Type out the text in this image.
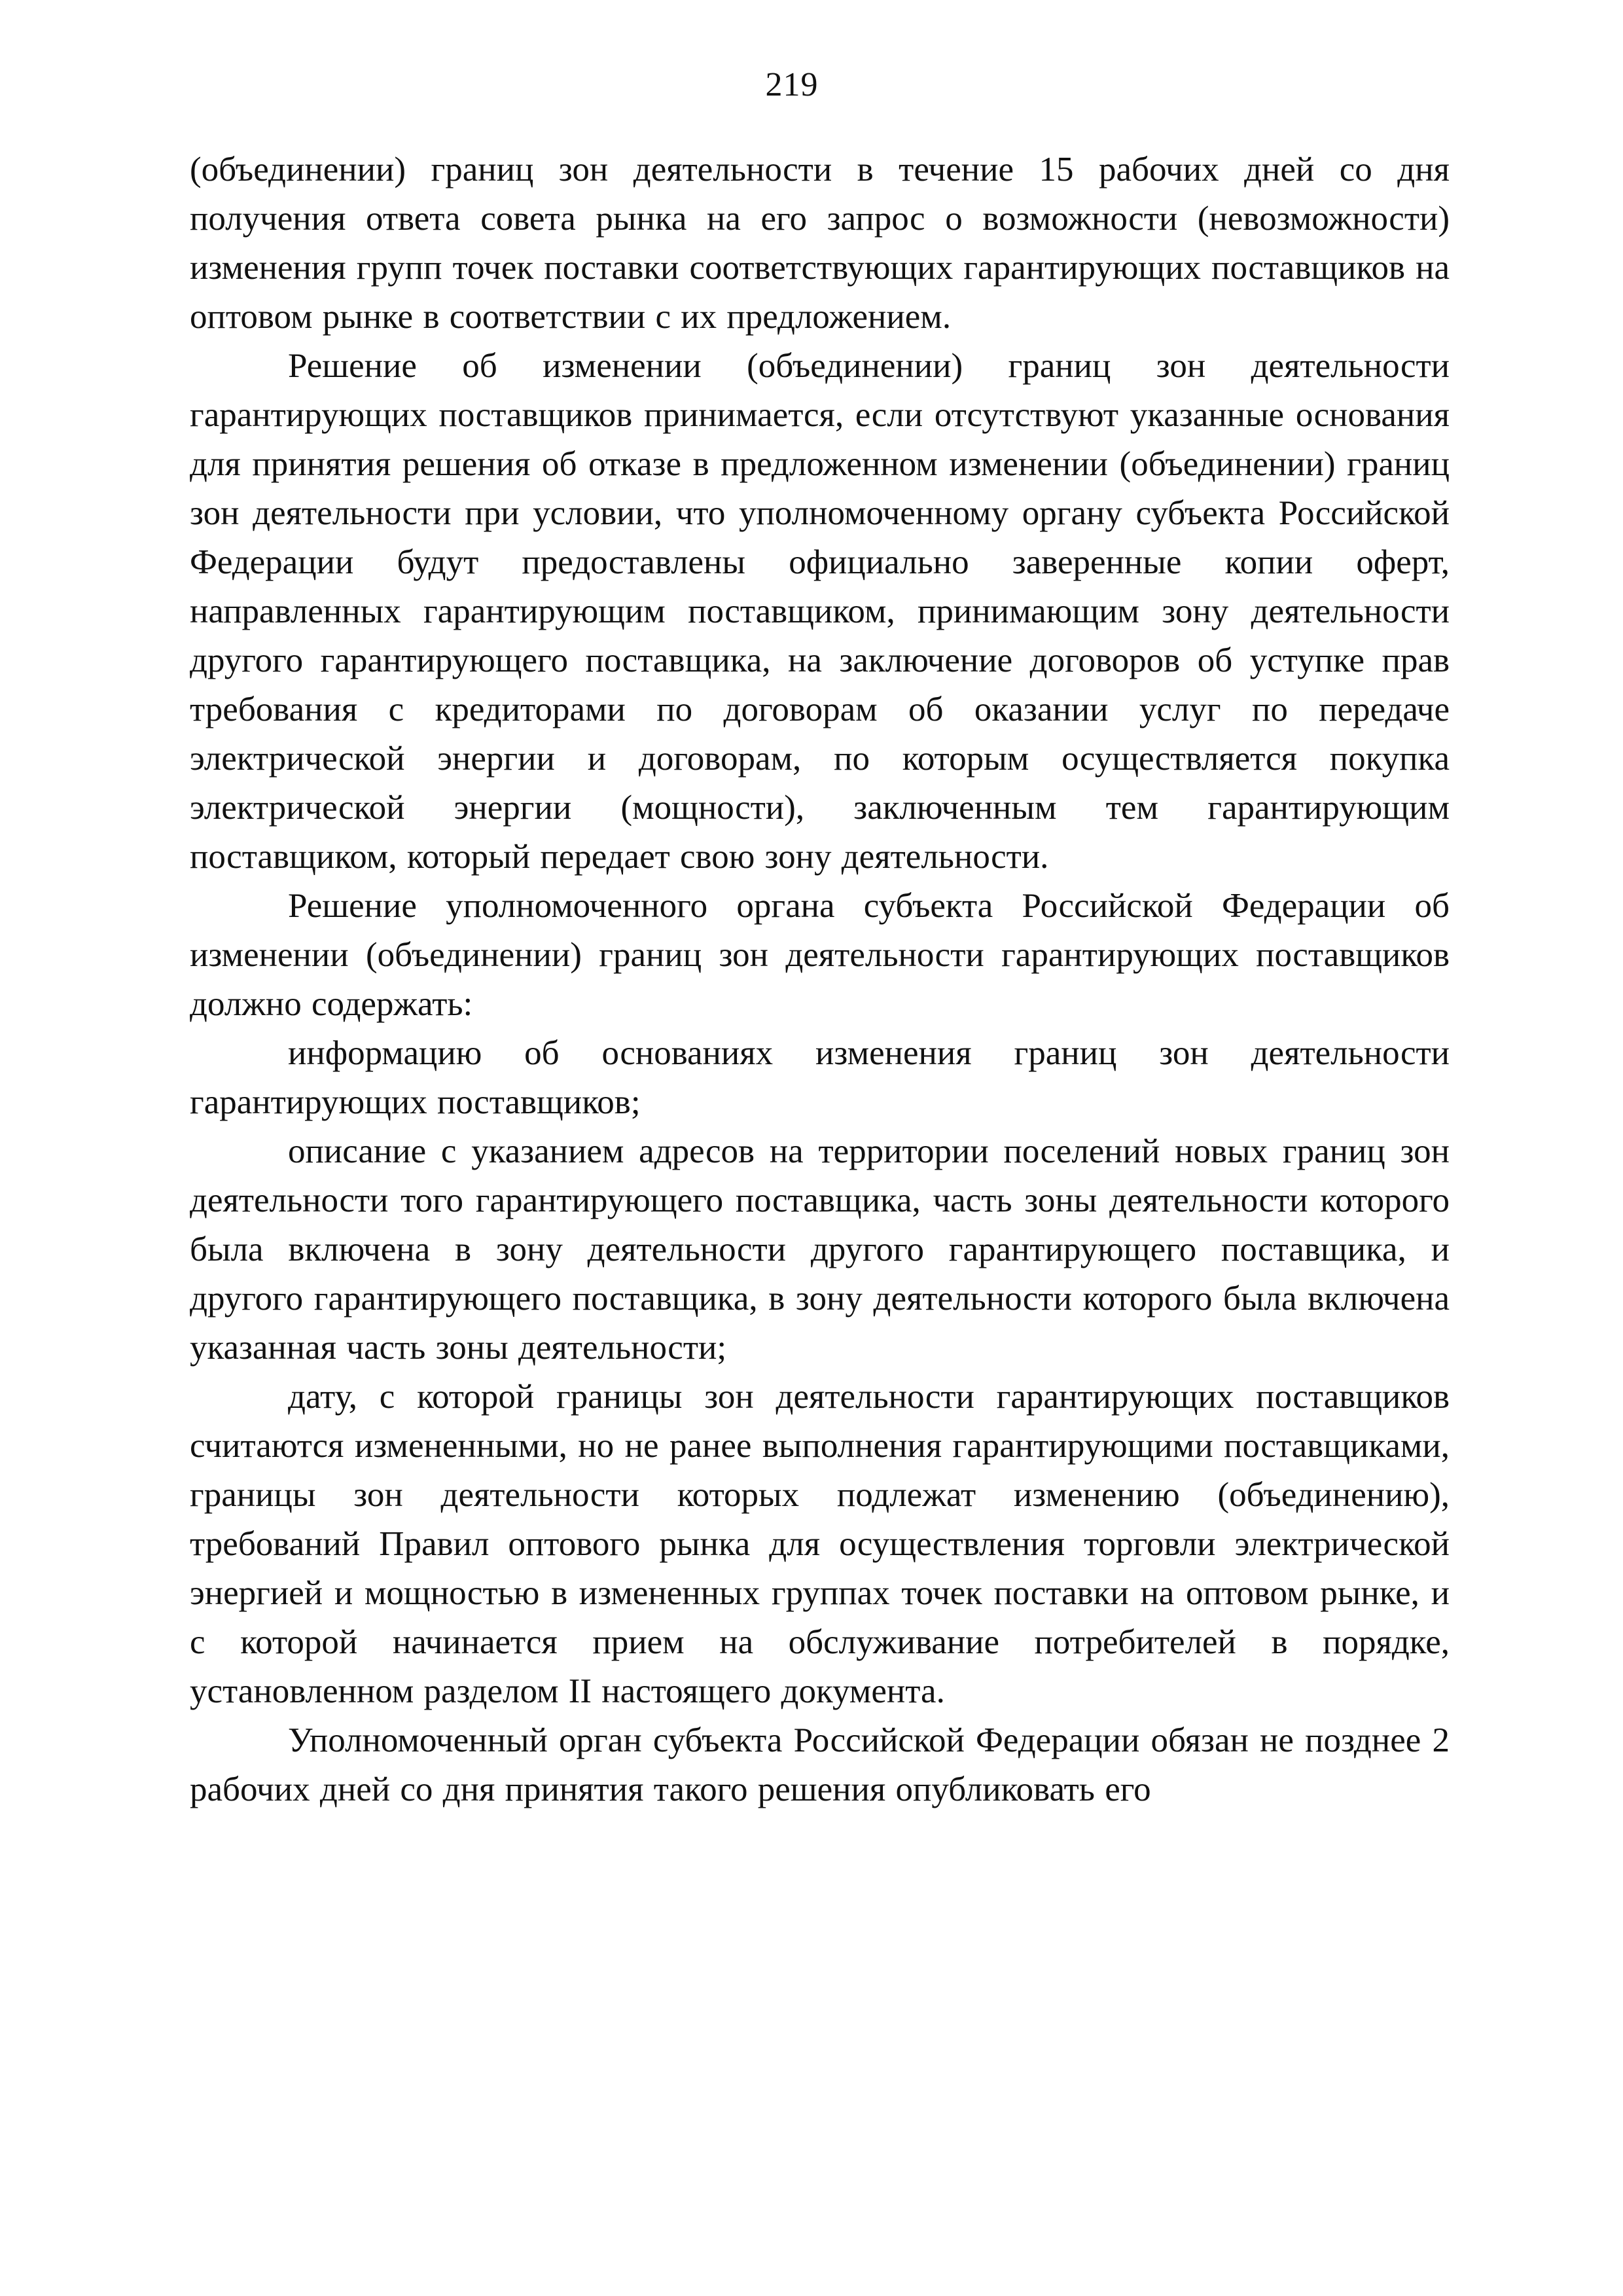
219

(объединении) границ зон деятельности в течение 15 рабочих дней со дня получения ответа совета рынка на его запрос о возможности (невозможности) изменения групп точек поставки соответствующих гарантирующих поставщиков на оптовом рынке в соответствии с их предложением.

Решение об изменении (объединении) границ зон деятельности гарантирующих поставщиков принимается, если отсутствуют указанные основания для принятия решения об отказе в предложенном изменении (объединении) границ зон деятельности при условии, что уполномоченному органу субъекта Российской Федерации будут предоставлены официально заверенные копии оферт, направленных гарантирующим поставщиком, принимающим зону деятельности другого гарантирующего поставщика, на заключение договоров об уступке прав требования с кредиторами по договорам об оказании услуг по передаче электрической энергии и договорам, по которым осуществляется покупка электрической энергии (мощности), заключенным тем гарантирующим поставщиком, который передает свою зону деятельности.

Решение уполномоченного органа субъекта Российской Федерации об изменении (объединении) границ зон деятельности гарантирующих поставщиков должно содержать:

информацию об основаниях изменения границ зон деятельности гарантирующих поставщиков;

описание с указанием адресов на территории поселений новых границ зон деятельности того гарантирующего поставщика, часть зоны деятельности которого была включена в зону деятельности другого гарантирующего поставщика, и другого гарантирующего поставщика, в зону деятельности которого была включена указанная часть зоны деятельности;

дату, с которой границы зон деятельности гарантирующих поставщиков считаются измененными, но не ранее выполнения гарантирующими поставщиками, границы зон деятельности которых подлежат изменению (объединению), требований Правил оптового рынка для осуществления торговли электрической энергией и мощностью в измененных группах точек поставки на оптовом рынке, и с которой начинается прием на обслуживание потребителей в порядке, установленном разделом II настоящего документа.

Уполномоченный орган субъекта Российской Федерации обязан не позднее 2 рабочих дней со дня принятия такого решения опубликовать его
